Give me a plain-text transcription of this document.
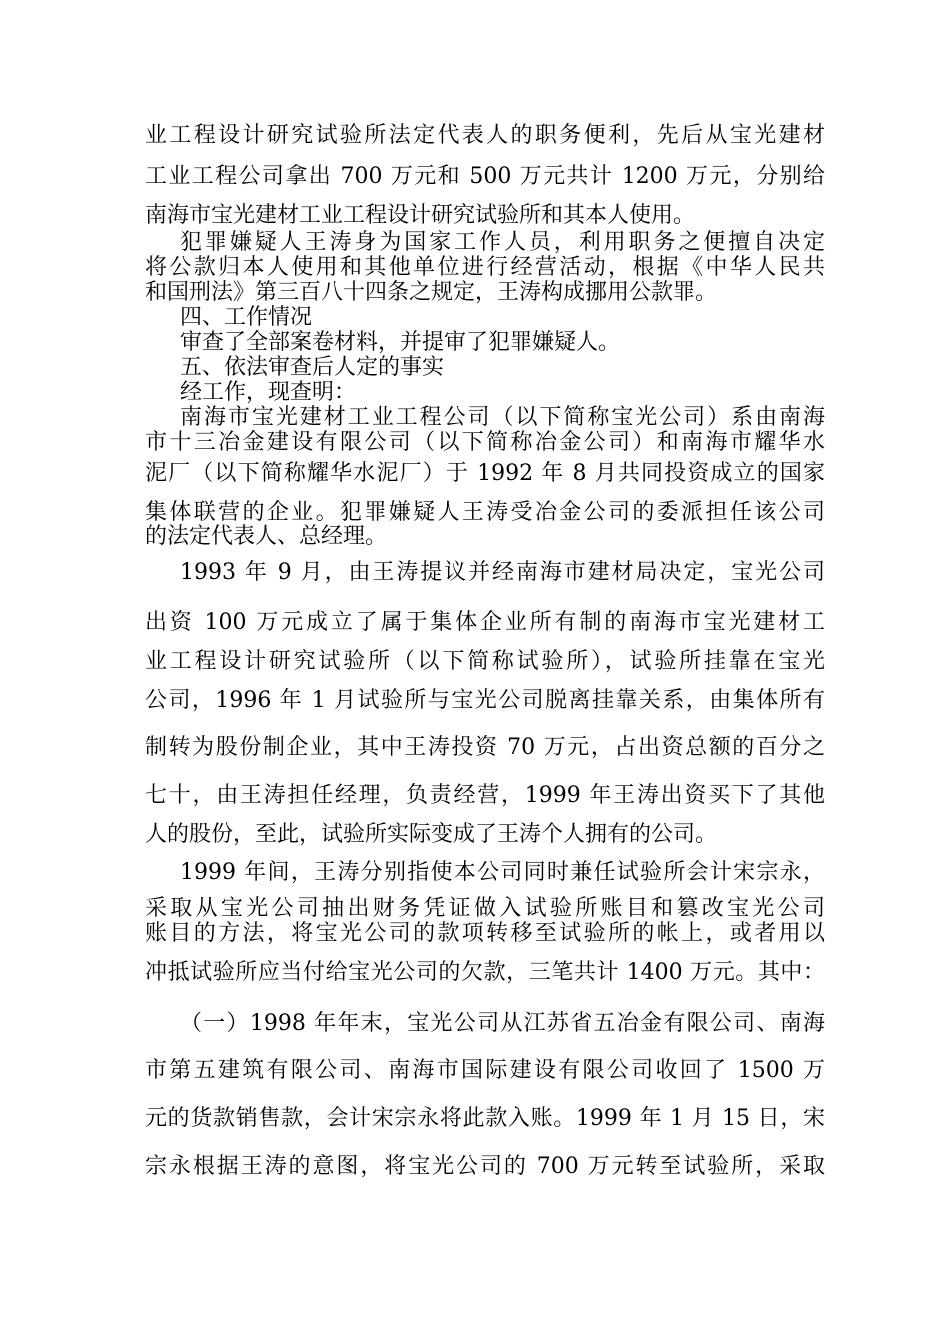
业工程设计研究试验所法定代表人的职务便利，先后从宝光建材
工业工程公司拿出 700 万元和 500 万元共计 1200 万元，分别给
南海市宝光建材工业工程设计研究试验所和其本人使用。
犯罪嫌疑人王涛身为国家工作人员，利用职务之便擅自决定
将公款归本人使用和其他单位进行经营活动，根据《中华人民共
和国刑法》第三百八十四条之规定，王涛构成挪用公款罪。
四、工作情况
审查了全部案卷材料，并提审了犯罪嫌疑人。
五、依法审查后人定的事实
经工作，现查明：
南海市宝光建材工业工程公司（以下简称宝光公司）系由南海
市十三冶金建设有限公司（以下简称冶金公司）和南海市耀华水
泥厂（以下简称耀华水泥厂）于 1992 年 8 月共同投资成立的国家
集体联营的企业。犯罪嫌疑人王涛受冶金公司的委派担任该公司
的法定代表人、总经理。
1993 年 9 月，由王涛提议并经南海市建材局决定，宝光公司
出资 100 万元成立了属于集体企业所有制的南海市宝光建材工
业工程设计研究试验所（以下简称试验所），试验所挂靠在宝光
公司，1996 年 1 月试验所与宝光公司脱离挂靠关系，由集体所有
制转为股份制企业，其中王涛投资 70 万元，占出资总额的百分之
七十，由王涛担任经理，负责经营，1999 年王涛出资买下了其他
人的股份，至此，试验所实际变成了王涛个人拥有的公司。
1999 年间，王涛分别指使本公司同时兼任试验所会计宋宗永，
采取从宝光公司抽出财务凭证做入试验所账目和篡改宝光公司
账目的方法，将宝光公司的款项转移至试验所的帐上，或者用以
冲抵试验所应当付给宝光公司的欠款，三笔共计 1400 万元。其中：
（一）1998 年年末，宝光公司从江苏省五冶金有限公司、南海
市第五建筑有限公司、南海市国际建设有限公司收回了 1500 万
元的货款销售款，会计宋宗永将此款入账。1999 年 1 月 15 日，宋
宗永根据王涛的意图，将宝光公司的 700 万元转至试验所，采取
